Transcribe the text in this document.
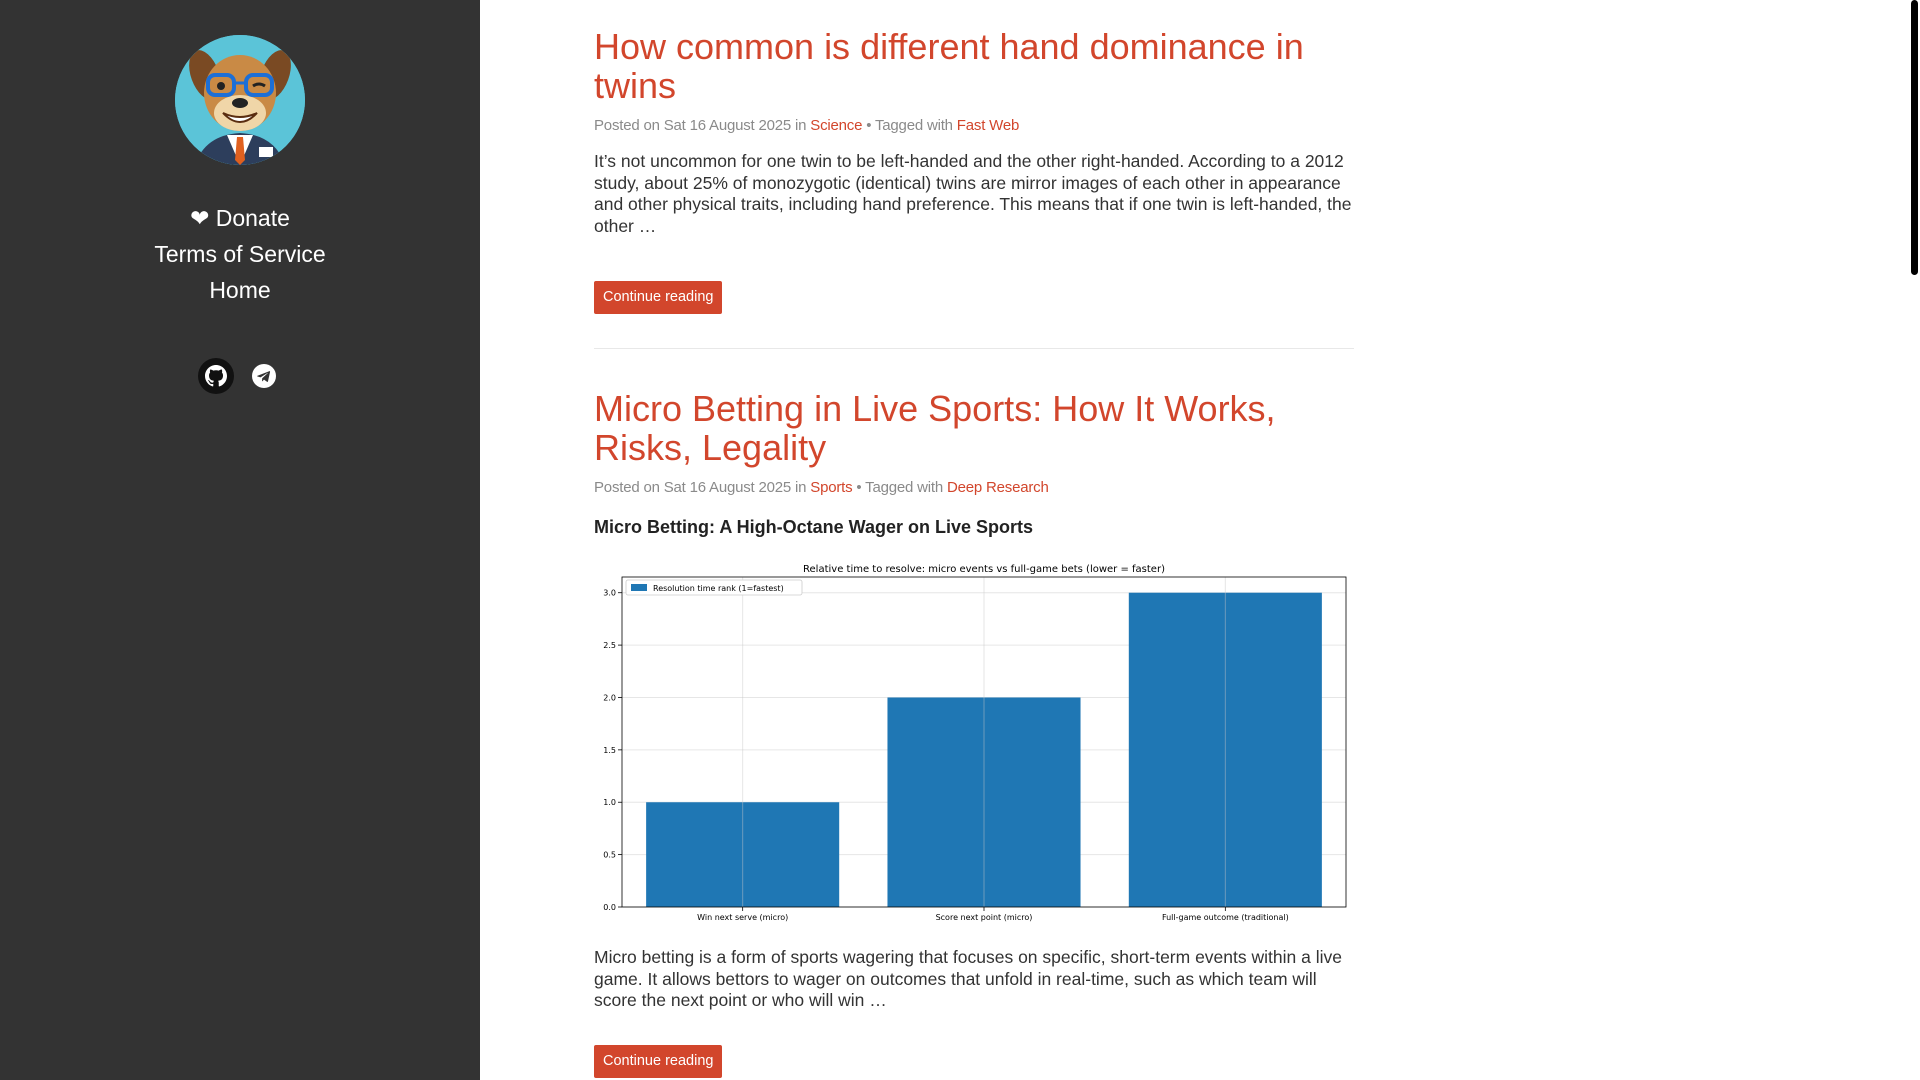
❤ Donate
Terms of Service
Home
How common is different hand dominance in twins
Posted on Sat 16 August 2025 in Science • Tagged with Fast Web

It’s not uncommon for one twin to be left-handed and the other right-handed. According to a 2012 study, about 25% of monozygotic (identical) twins are mirror images of each other in appearance and other physical traits, including hand preference. This means that if one twin is left-handed, the other …

Continue reading
Micro Betting in Live Sports: How It Works, Risks, Legality
Posted on Sat 16 August 2025 in Sports • Tagged with Deep Research

Micro Betting: A High-Octane Wager on Live Sports

Relative time to resolve: micro events vs full-game bets (lower = faster)
0.0
0.5
1.0
1.5
2.0
2.5
3.0
Win next serve (micro)	Score next point (micro)	Full-game outcome (traditional)
Resolution time rank (1=fastest)

Micro betting is a form of sports wagering that focuses on specific, short-term events within a live game. It allows bettors to wager on outcomes that unfold in real-time, such as which team will score the next point or who will win …

Continue reading
